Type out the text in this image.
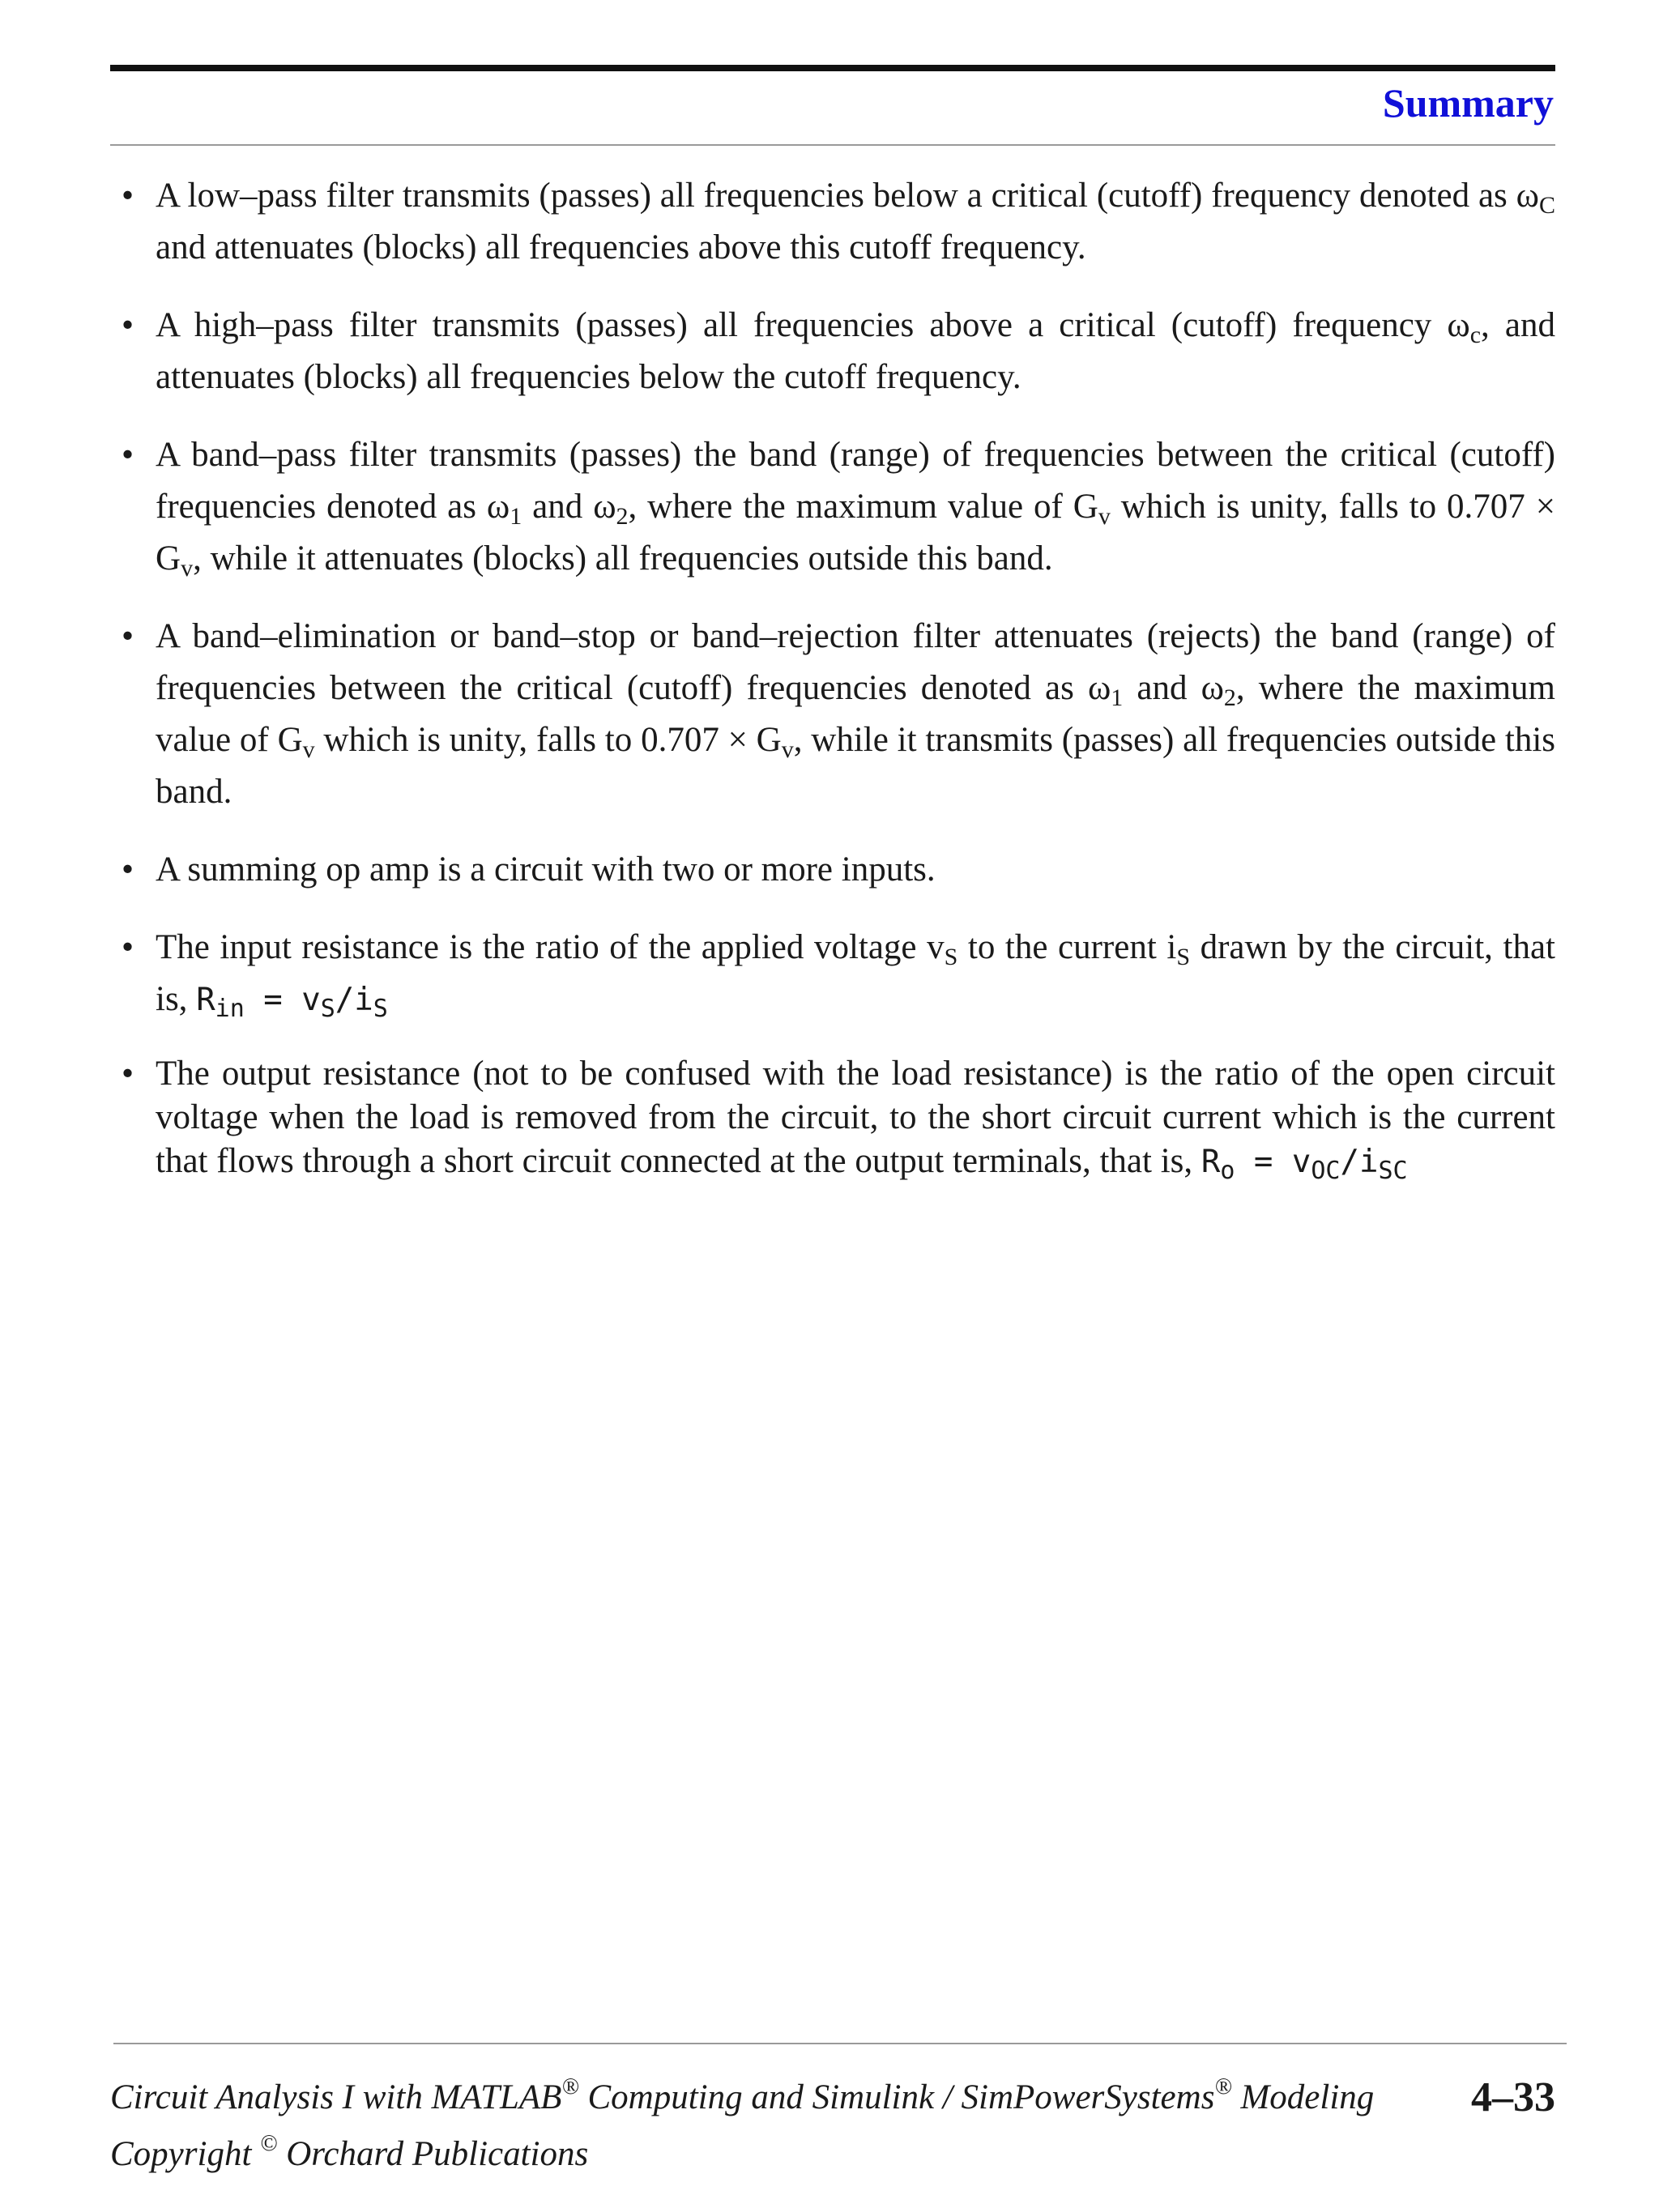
Summary
• A low–pass filter transmits (passes) all frequencies below a critical (cutoff) frequency denoted as $\omega_C$ and attenuates (blocks) all frequencies above this cutoff frequency.
• A high–pass filter transmits (passes) all frequencies above a critical (cutoff) frequency $\omega_c$, and attenuates (blocks) all frequencies below the cutoff frequency.
• A band–pass filter transmits (passes) the band (range) of frequencies between the critical (cutoff) frequencies denoted as $\omega_1$ and $\omega_2$, where the maximum value of $G_v$ which is unity, falls to $0.707 \times G_v$, while it attenuates (blocks) all frequencies outside this band.
• A band–elimination or band–stop or band–rejection filter attenuates (rejects) the band (range) of frequencies between the critical (cutoff) frequencies denoted as $\omega_1$ and $\omega_2$, where the maximum value of $G_v$ which is unity, falls to $0.707 \times G_v$, while it transmits (passes) all frequencies outside this band.
• A summing op amp is a circuit with two or more inputs.
• The input resistance is the ratio of the applied voltage $v_S$ to the current $i_S$ drawn by the circuit, that is, $R_{in} = v_S/i_S$
• The output resistance (not to be confused with the load resistance) is the ratio of the open circuit voltage when the load is removed from the circuit, to the short circuit current which is the current that flows through a short circuit connected at the output terminals, that is, $R_o = v_{OC}/i_{SC}$
Circuit Analysis I with MATLAB® Computing and Simulink / SimPowerSystems® Modeling
Copyright © Orchard Publications
4–33
